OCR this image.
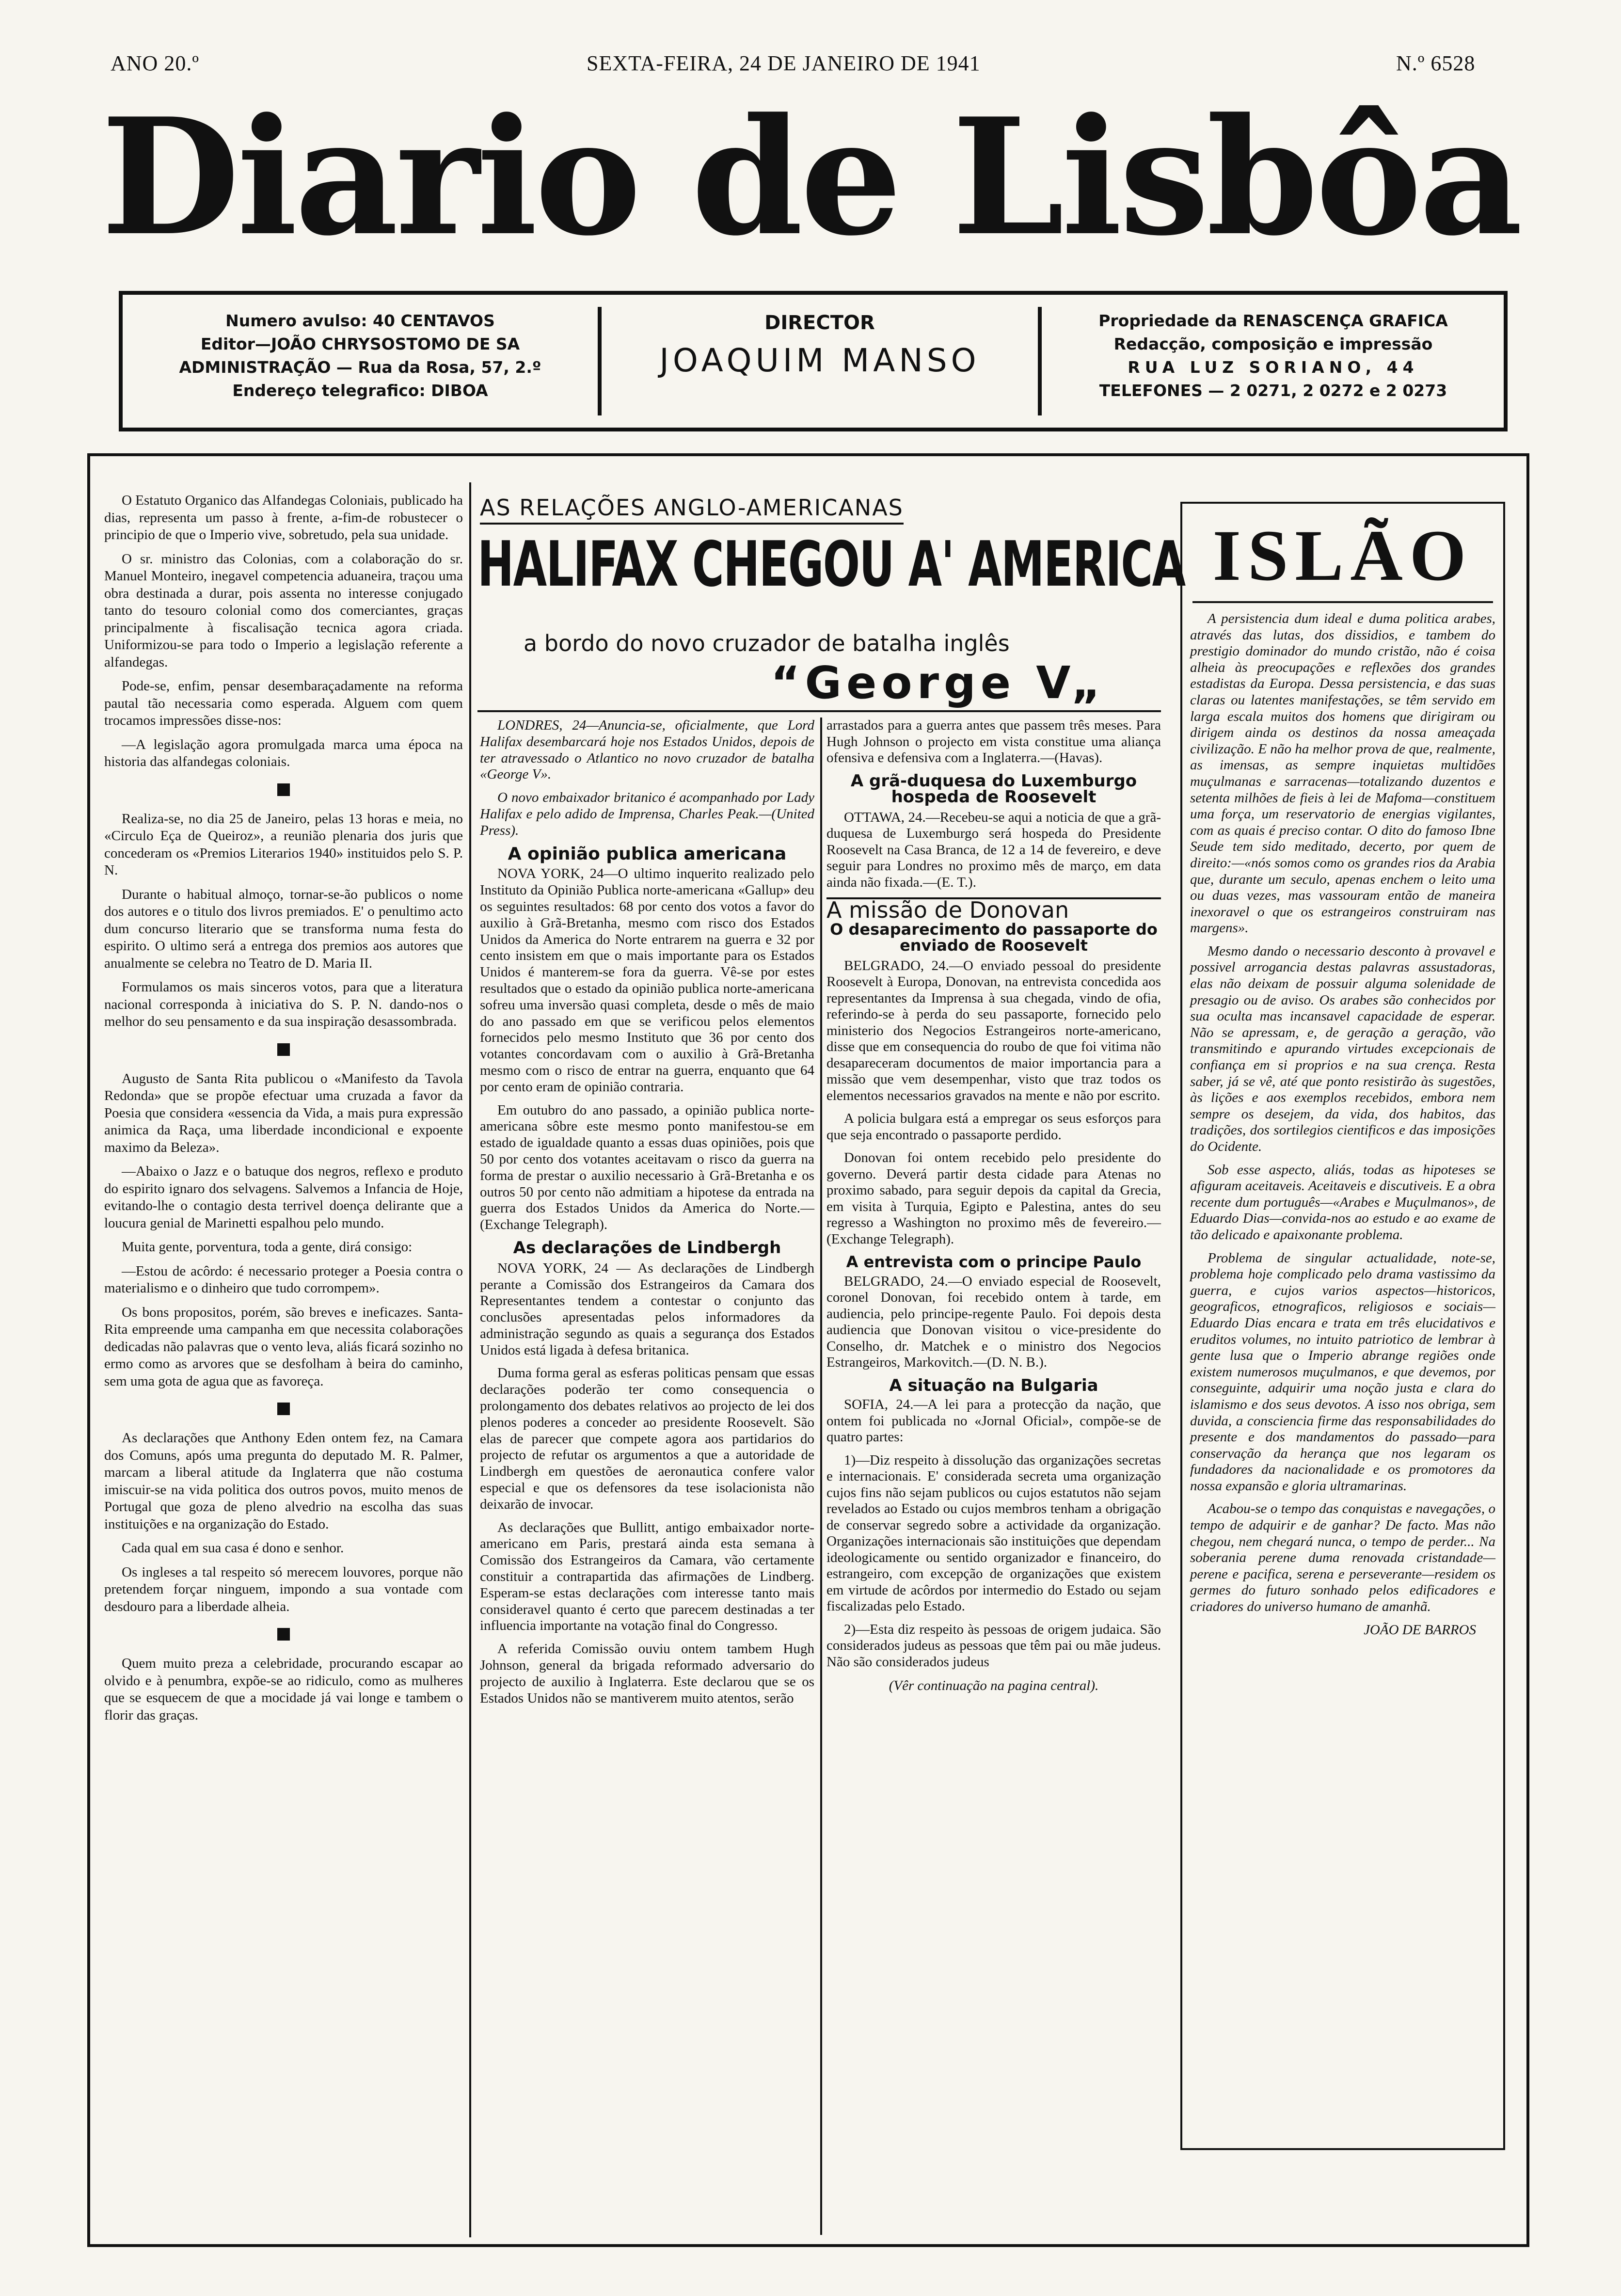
ANO 20.º	SEXTA-FEIRA, 24 DE JANEIRO DE 1941	N.º 6528
Diario de Lisbôa
Numero avulso: 40 CENTAVOS
Editor—JOÃO CHRYSOSTOMO DE SA
ADMINISTRAÇÃO — Rua da Rosa, 57, 2.º
Endereço telegrafico: DIBOA
DIRECTOR
JOAQUIM MANSO
Propriedade da RENASCENÇA GRAFICA
Redacção, composição e impressão
RUA LUZ SORIANO, 44
TELEFONES — 2 0271, 2 0272 e 2 0273

O Estatuto Organico das Alfandegas Coloniais, publicado ha dias, representa um passo à frente, a-fim-de robustecer o principio de que o Imperio vive, sobretudo, pela sua unidade.

O sr. ministro das Colonias, com a colaboração do sr. Manuel Monteiro, inegavel competencia aduaneira, traçou uma obra destinada a durar, pois assenta no interesse conjugado tanto do tesouro colonial como dos comerciantes, graças principalmente à fiscalisação tecnica agora criada. Uniformizou-se para todo o Imperio a legislação referente a alfandegas.

Pode-se, enfim, pensar desembaraçadamente na reforma pautal tão necessaria como esperada. Alguem com quem trocamos impressões disse-nos:

—A legislação agora promulgada marca uma época na historia das alfandegas coloniais.

Realiza-se, no dia 25 de Janeiro, pelas 13 horas e meia, no «Circulo Eça de Queiroz», a reunião plenaria dos juris que concederam os «Premios Literarios 1940» instituidos pelo S. P. N.

Durante o habitual almoço, tornar-se-ão publicos o nome dos autores e o titulo dos livros premiados. E' o penultimo acto dum concurso literario que se transforma numa festa do espirito. O ultimo será a entrega dos premios aos autores que anualmente se celebra no Teatro de D. Maria II.

Formulamos os mais sinceros votos, para que a literatura nacional corresponda à iniciativa do S. P. N. dando-nos o melhor do seu pensamento e da sua inspiração desassombrada.

Augusto de Santa Rita publicou o «Manifesto da Tavola Redonda» que se propõe efectuar uma cruzada a favor da Poesia que considera «essencia da Vida, a mais pura expressão animica da Raça, uma liberdade incondicional e expoente maximo da Beleza».

—Abaixo o Jazz e o batuque dos negros, reflexo e produto do espirito ignaro dos selvagens. Salvemos a Infancia de Hoje, evitando-lhe o contagio desta terrivel doença delirante que a loucura genial de Marinetti espalhou pelo mundo.

Muita gente, porventura, toda a gente, dirá consigo:

—Estou de acôrdo: é necessario proteger a Poesia contra o materialismo e o dinheiro que tudo corrompem».

Os bons propositos, porém, são breves e ineficazes. Santa-Rita empreende uma campanha em que necessita colaborações dedicadas não palavras que o vento leva, aliás ficará sozinho no ermo como as arvores que se desfolham à beira do caminho, sem uma gota de agua que as favoreça.

As declarações que Anthony Eden ontem fez, na Camara dos Comuns, após uma pregunta do deputado M. R. Palmer, marcam a liberal atitude da Inglaterra que não costuma imiscuir-se na vida politica dos outros povos, muito menos de Portugal que goza de pleno alvedrio na escolha das suas instituições e na organização do Estado.

Cada qual em sua casa é dono e senhor.

Os ingleses a tal respeito só merecem louvores, porque não pretendem forçar ninguem, impondo a sua vontade com desdouro para a liberdade alheia.

Quem muito preza a celebridade, procurando escapar ao olvido e à penumbra, expõe-se ao ridiculo, como as mulheres que se esquecem de que a mocidade já vai longe e tambem o florir das graças.

AS RELAÇÕES ANGLO-AMERICANAS
HALIFAX CHEGOU A' AMERICA
a bordo do novo cruzador de batalha inglês
“George V„

LONDRES, 24—Anuncia-se, oficialmente, que Lord Halifax desembarcará hoje nos Estados Unidos, depois de ter atravessado o Atlantico no novo cruzador de batalha «George V».

O novo embaixador britanico é acompanhado por Lady Halifax e pelo adido de Imprensa, Charles Peak.—(United Press).

A opinião publica americana

NOVA YORK, 24—O ultimo inquerito realizado pelo Instituto da Opinião Publica norte-americana «Gallup» deu os seguintes resultados: 68 por cento dos votos a favor do auxilio à Grã-Bretanha, mesmo com risco dos Estados Unidos da America do Norte entrarem na guerra e 32 por cento insistem em que o mais importante para os Estados Unidos é manterem-se fora da guerra. Vê-se por estes resultados que o estado da opinião publica norte-americana sofreu uma inversão quasi completa, desde o mês de maio do ano passado em que se verificou pelos elementos fornecidos pelo mesmo Instituto que 36 por cento dos votantes concordavam com o auxilio à Grã-Bretanha mesmo com o risco de entrar na guerra, enquanto que 64 por cento eram de opinião contraria.

Em outubro do ano passado, a opinião publica norte-americana sôbre este mesmo ponto manifestou-se em estado de igualdade quanto a essas duas opiniões, pois que 50 por cento dos votantes aceitavam o risco da guerra na forma de prestar o auxilio necessario à Grã-Bretanha e os outros 50 por cento não admitiam a hipotese da entrada na guerra dos Estados Unidos da America do Norte.—(Exchange Telegraph).

As declarações de Lindbergh

NOVA YORK, 24 — As declarações de Lindbergh perante a Comissão dos Estrangeiros da Camara dos Representantes tendem a contestar o conjunto das conclusões apresentadas pelos informadores da administração segundo as quais a segurança dos Estados Unidos está ligada à defesa britanica.

Duma forma geral as esferas politicas pensam que essas declarações poderão ter como consequencia o prolongamento dos debates relativos ao projecto de lei dos plenos poderes a conceder ao presidente Roosevelt. São elas de parecer que compete agora aos partidarios do projecto de refutar os argumentos a que a autoridade de Lindbergh em questões de aeronautica confere valor especial e que os defensores da tese isolacionista não deixarão de invocar.

As declarações que Bullitt, antigo embaixador norte-americano em Paris, prestará ainda esta semana à Comissão dos Estrangeiros da Camara, vão certamente constituir a contrapartida das afirmações de Lindberg. Esperam-se estas declarações com interesse tanto mais consideravel quanto é certo que parecem destinadas a ter influencia importante na votação final do Congresso.

A referida Comissão ouviu ontem tambem Hugh Johnson, general da brigada reformado adversario do projecto de auxilio à Inglaterra. Este declarou que se os Estados Unidos não se mantiverem muito atentos, serão

arrastados para a guerra antes que passem três meses. Para Hugh Johnson o projecto em vista constitue uma aliança ofensiva e defensiva com a Inglaterra.—(Havas).

A grã-duquesa do Luxemburgo hospeda de Roosevelt

OTTAWA, 24.—Recebeu-se aqui a noticia de que a grã-duquesa de Luxemburgo será hospeda do Presidente Roosevelt na Casa Branca, de 12 a 14 de fevereiro, e deve seguir para Londres no proximo mês de março, em data ainda não fixada.—(E. T.).

A missão de Donovan
O desaparecimento do passaporte do enviado de Roosevelt

BELGRADO, 24.—O enviado pessoal do presidente Roosevelt à Europa, Donovan, na entrevista concedida aos representantes da Imprensa à sua chegada, vindo de ofia, referindo-se à perda do seu passaporte, fornecido pelo ministerio dos Negocios Estrangeiros norte-americano, disse que em consequencia do roubo de que foi vitima não desapareceram documentos de maior importancia para a missão que vem desempenhar, visto que traz todos os elementos necessarios gravados na mente e não por escrito.

A policia bulgara está a empregar os seus esforços para que seja encontrado o passaporte perdido.

Donovan foi ontem recebido pelo presidente do governo. Deverá partir desta cidade para Atenas no proximo sabado, para seguir depois da capital da Grecia, em visita à Turquia, Egipto e Palestina, antes do seu regresso a Washington no proximo mês de fevereiro.—(Exchange Telegraph).

A entrevista com o principe Paulo

BELGRADO, 24.—O enviado especial de Roosevelt, coronel Donovan, foi recebido ontem à tarde, em audiencia, pelo principe-regente Paulo. Foi depois desta audiencia que Donovan visitou o vice-presidente do Conselho, dr. Matchek e o ministro dos Negocios Estrangeiros, Markovitch.—(D. N. B.).

A situação na Bulgaria

SOFIA, 24.—A lei para a protecção da nação, que ontem foi publicada no «Jornal Oficial», compõe-se de quatro partes:

1)—Diz respeito à dissolução das organizações secretas e internacionais. E' considerada secreta uma organização cujos fins não sejam publicos ou cujos estatutos não sejam revelados ao Estado ou cujos membros tenham a obrigação de conservar segredo sobre a actividade da organização. Organizações internacionais são instituições que dependam ideologicamente ou sentido organizador e financeiro, do estrangeiro, com excepção de organizações que existem em virtude de acôrdos por intermedio do Estado ou sejam fiscalizadas pelo Estado.

2)—Esta diz respeito às pessoas de origem judaica. São considerados judeus as pessoas que têm pai ou mãe judeus. Não são considerados judeus

(Vêr continuação na pagina central).
ISLÃO

A persistencia dum ideal e duma politica arabes, através das lutas, dos dissidios, e tambem do prestigio dominador do mundo cristão, não é coisa alheia às preocupações e reflexões dos grandes estadistas da Europa. Dessa persistencia, e das suas claras ou latentes manifestações, se têm servido em larga escala muitos dos homens que dirigiram ou dirigem ainda os destinos da nossa ameaçada civilização. E não ha melhor prova de que, realmente, as imensas, as sempre inquietas multidões muçulmanas e sarracenas—totalizando duzentos e setenta milhões de fieis à lei de Mafoma—constituem uma força, um reservatorio de energias vigilantes, com as quais é preciso contar. O dito do famoso Ibne Seude tem sido meditado, decerto, por quem de direito:—«nós somos como os grandes rios da Arabia que, durante um seculo, apenas enchem o leito uma ou duas vezes, mas vassouram então de maneira inexoravel o que os estrangeiros construiram nas margens».

Mesmo dando o necessario desconto à provavel e possivel arrogancia destas palavras assustadoras, elas não deixam de possuir alguma solenidade de presagio ou de aviso. Os arabes são conhecidos por sua oculta mas incansavel capacidade de esperar. Não se apressam, e, de geração a geração, vão transmitindo e apurando virtudes excepcionais de confiança em si proprios e na sua crença. Resta saber, já se vê, até que ponto resistirão às sugestões, às lições e aos exemplos recebidos, embora nem sempre os desejem, da vida, dos habitos, das tradições, dos sortilegios cientificos e das imposições do Ocidente.

Sob esse aspecto, aliás, todas as hipoteses se afiguram aceitaveis. Aceitaveis e discutiveis. E a obra recente dum português—«Arabes e Muçulmanos», de Eduardo Dias—convida-nos ao estudo e ao exame de tão delicado e apaixonante problema.

Problema de singular actualidade, note-se, problema hoje complicado pelo drama vastissimo da guerra, e cujos varios aspectos—historicos, geograficos, etnograficos, religiosos e sociais—Eduardo Dias encara e trata em três elucidativos e eruditos volumes, no intuito patriotico de lembrar à gente lusa que o Imperio abrange regiões onde existem numerosos muçulmanos, e que devemos, por conseguinte, adquirir uma noção justa e clara do islamismo e dos seus devotos. A isso nos obriga, sem duvida, a consciencia firme das responsabilidades do presente e dos mandamentos do passado—para conservação da herança que nos legaram os fundadores da nacionalidade e os promotores da nossa expansão e gloria ultramarinas.

Acabou-se o tempo das conquistas e navegações, o tempo de adquirir e de ganhar? De facto. Mas não chegou, nem chegará nunca, o tempo de perder... Na soberania perene duma renovada cristandade—perene e pacifica, serena e perseverante—residem os germes do futuro sonhado pelos edificadores e criadores do universo humano de amanhã.

JOÃO DE BARROS
